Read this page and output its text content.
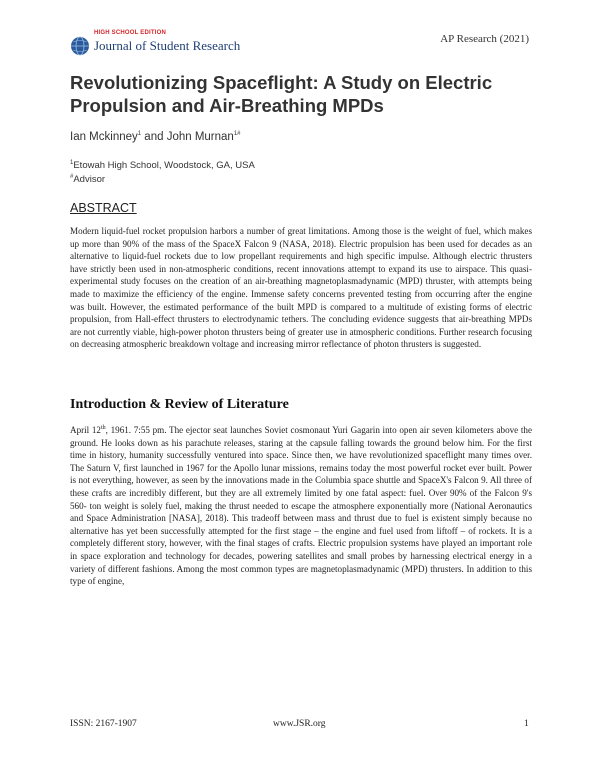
HIGH SCHOOL EDITION
Journal of Student Research	AP Research (2021)
Revolutionizing Spaceflight: A Study on Electric Propulsion and Air-Breathing MPDs
Ian Mckinney$^1$ and John Murnan$^{1\#}$
$^1$Etowah High School, Woodstock, GA, USA
#Advisor
ABSTRACT
Modern liquid-fuel rocket propulsion harbors a number of great limitations. Among those is the weight of fuel, which makes up more than 90% of the mass of the SpaceX Falcon 9 (NASA, 2018). Electric propulsion has been used for decades as an alternative to liquid-fuel rockets due to low propellant requirements and high specific impulse. Although electric thrusters have strictly been used in non-atmospheric conditions, recent innovations attempt to expand its use to airspace. This quasi-experimental study focuses on the creation of an air-breathing magnetoplasmadynamic (MPD) thruster, with attempts being made to maximize the efficiency of the engine. Immense safety concerns prevented testing from occurring after the engine was built. However, the estimated performance of the built MPD is compared to a multitude of existing forms of electric propulsion, from Hall-effect thrusters to electrodynamic tethers. The concluding evidence suggests that air-breathing MPDs are not currently viable, high-power photon thrusters being of greater use in atmospheric conditions. Further research focusing on decreasing atmospheric breakdown voltage and increasing mirror reflectance of photon thrusters is suggested.
Introduction & Review of Literature
April 12th, 1961. 7:55 pm. The ejector seat launches Soviet cosmonaut Yuri Gagarin into open air seven kilometers above the ground. He looks down as his parachute releases, staring at the capsule falling towards the ground below him. For the first time in history, humanity successfully ventured into space. Since then, we have revolutionized spaceflight many times over. The Saturn V, first launched in 1967 for the Apollo lunar missions, remains today the most powerful rocket ever built. Power is not everything, however, as seen by the innovations made in the Columbia space shuttle and SpaceX's Falcon 9. All three of these crafts are incredibly different, but they are all extremely limited by one fatal aspect: fuel. Over 90% of the Falcon 9's 560- ton weight is solely fuel, making the thrust needed to escape the atmosphere exponentially more (National Aeronautics and Space Administration [NASA], 2018). This tradeoff between mass and thrust due to fuel is existent simply because no alternative has yet been successfully attempted for the first stage – the engine and fuel used from liftoff – of rockets. It is a completely different story, however, with the final stages of crafts. Electric propulsion systems have played an important role in space exploration and technology for decades, powering satellites and small probes by harnessing electrical energy in a variety of different fashions. Among the most common types are magnetoplasmadynamic (MPD) thrusters. In addition to this type of engine,
ISSN: 2167-1907	www.JSR.org	1
